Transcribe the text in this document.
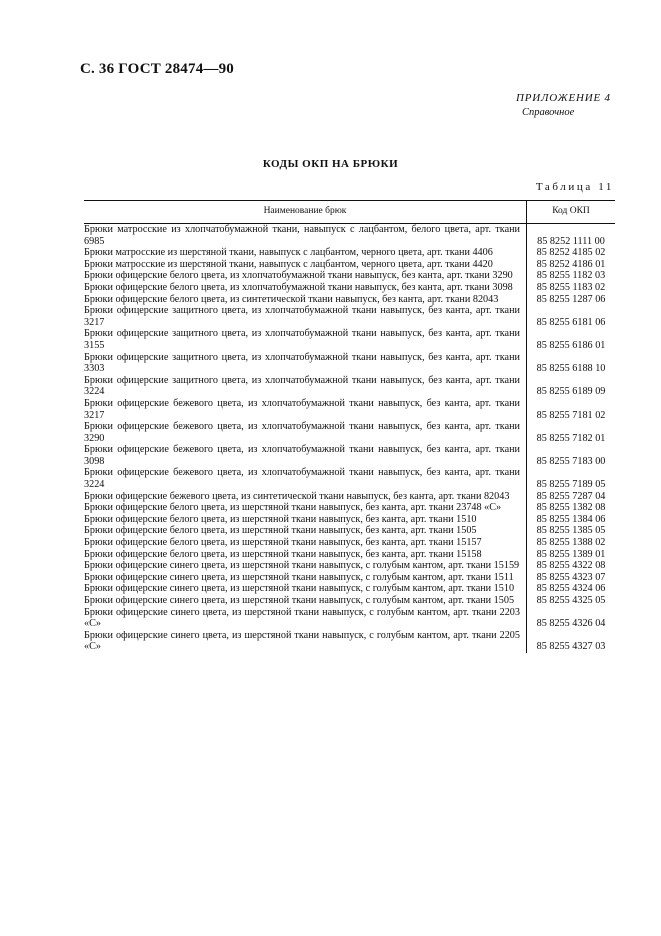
С. 36 ГОСТ 28474—90
ПРИЛОЖЕНИЕ 4
Справочное
КОДЫ ОКП НА БРЮКИ
Таблица 11
Наименование брюк	Код ОКП
Брюки матросские из хлопчатобумажной ткани, навыпуск с лацбантом, белого цвета, арт. ткани 6985	85 8252 1111 00
Брюки матросские из шерстяной ткани, навыпуск с лацбантом, черного цвета, арт. ткани 4406	85 8252 4185 02
Брюки матросские из шерстяной ткани, навыпуск с лацбантом, черного цвета, арт. ткани 4420	85 8252 4186 01
Брюки офицерские белого цвета, из хлопчатобумажной ткани навыпуск, без канта, арт. ткани 3290	85 8255 1182 03
Брюки офицерские белого цвета, из хлопчатобумажной ткани навыпуск, без канта, арт. ткани 3098	85 8255 1183 02
Брюки офицерские белого цвета, из синтетической ткани навыпуск, без канта, арт. ткани 82043	85 8255 1287 06
Брюки офицерские защитного цвета, из хлопчатобумажной ткани навыпуск, без канта, арт. ткани 3217	85 8255 6181 06
Брюки офицерские защитного цвета, из хлопчатобумажной ткани навыпуск, без канта, арт. ткани 3155	85 8255 6186 01
Брюки офицерские защитного цвета, из хлопчатобумажной ткани навыпуск, без канта, арт. ткани 3303	85 8255 6188 10
Брюки офицерские защитного цвета, из хлопчатобумажной ткани навыпуск, без канта, арт. ткани 3224	85 8255 6189 09
Брюки офицерские бежевого цвета, из хлопчатобумажной ткани навыпуск, без канта, арт. ткани 3217	85 8255 7181 02
Брюки офицерские бежевого цвета, из хлопчатобумажной ткани навыпуск, без канта, арт. ткани 3290	85 8255 7182 01
Брюки офицерские бежевого цвета, из хлопчатобумажной ткани навыпуск, без канта, арт. ткани 3098	85 8255 7183 00
Брюки офицерские бежевого цвета, из хлопчатобумажной ткани навыпуск, без канта, арт. ткани 3224	85 8255 7189 05
Брюки офицерские бежевого цвета, из синтетической ткани навыпуск, без канта, арт. ткани 82043	85 8255 7287 04
Брюки офицерские белого цвета, из шерстяной ткани навыпуск, без канта, арт. ткани 23748 «С»	85 8255 1382 08
Брюки офицерские белого цвета, из шерстяной ткани навыпуск, без канта, арт. ткани 1510	85 8255 1384 06
Брюки офицерские белого цвета, из шерстяной ткани навыпуск, без канта, арт. ткани 1505	85 8255 1385 05
Брюки офицерские белого цвета, из шерстяной ткани навыпуск, без канта, арт. ткани 15157	85 8255 1388 02
Брюки офицерские белого цвета, из шерстяной ткани навыпуск, без канта, арт. ткани 15158	85 8255 1389 01
Брюки офицерские синего цвета, из шерстяной ткани навыпуск, с голубым кантом, арт. ткани 15159	85 8255 4322 08
Брюки офицерские синего цвета, из шерстяной ткани навыпуск, с голубым кантом, арт. ткани 1511	85 8255 4323 07
Брюки офицерские синего цвета, из шерстяной ткани навыпуск, с голубым кантом, арт. ткани 1510	85 8255 4324 06
Брюки офицерские синего цвета, из шерстяной ткани навыпуск, с голубым кантом, арт. ткани 1505	85 8255 4325 05
Брюки офицерские синего цвета, из шерстяной ткани навыпуск, с голубым кантом, арт. ткани 2203 «С»	85 8255 4326 04
Брюки офицерские синего цвета, из шерстяной ткани навыпуск, с голубым кантом, арт. ткани 2205 «С»	85 8255 4327 03
